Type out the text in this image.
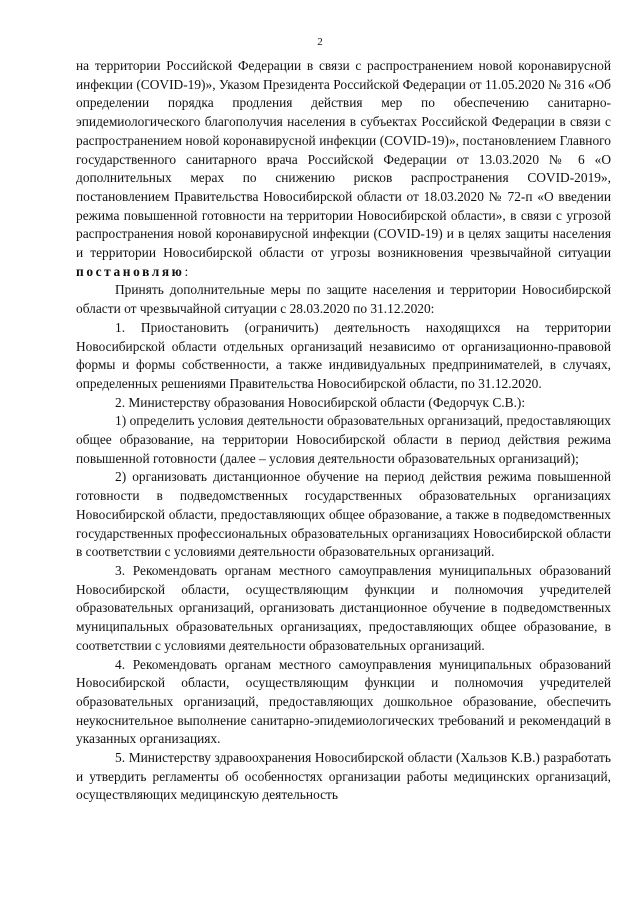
2

на территории Российской Федерации в связи с распространением новой коронавирусной инфекции (COVID-19)», Указом Президента Российской Федерации от 11.05.2020 № 316 «Об определении порядка продления действия мер по обеспечению санитарно-эпидемиологического благополучия населения в субъектах Российской Федерации в связи с распространением новой коронавирусной инфекции (COVID-19)», постановлением Главного государственного санитарного врача Российской Федерации от 13.03.2020 № 6 «О дополнительных мерах по снижению рисков распространения COVID-2019», постановлением Правительства Новосибирской области от 18.03.2020 № 72-п «О введении режима повышенной готовности на территории Новосибирской области», в связи с угрозой распространения новой коронавирусной инфекции (COVID-19) и в целях защиты населения и территории Новосибирской области от угрозы возникновения чрезвычайной ситуации постановляю:

Принять дополнительные меры по защите населения и территории Новосибирской области от чрезвычайной ситуации с 28.03.2020 по 31.12.2020:

1. Приостановить (ограничить) деятельность находящихся на территории Новосибирской области отдельных организаций независимо от организационно-правовой формы и формы собственности, а также индивидуальных предпринимателей, в случаях, определенных решениями Правительства Новосибирской области, по 31.12.2020.

2. Министерству образования Новосибирской области (Федорчук С.В.):

1) определить условия деятельности образовательных организаций, предоставляющих общее образование, на территории Новосибирской области в период действия режима повышенной готовности (далее – условия деятельности образовательных организаций);

2) организовать дистанционное обучение на период действия режима повышенной готовности в подведомственных государственных образовательных организациях Новосибирской области, предоставляющих общее образование, а также в подведомственных государственных профессиональных образовательных организациях Новосибирской области в соответствии с условиями деятельности образовательных организаций.

3. Рекомендовать органам местного самоуправления муниципальных образований Новосибирской области, осуществляющим функции и полномочия учредителей образовательных организаций, организовать дистанционное обучение в подведомственных муниципальных образовательных организациях, предоставляющих общее образование, в соответствии с условиями деятельности образовательных организаций.

4. Рекомендовать органам местного самоуправления муниципальных образований Новосибирской области, осуществляющим функции и полномочия учредителей образовательных организаций, предоставляющих дошкольное образование, обеспечить неукоснительное выполнение санитарно-эпидемиологических требований и рекомендаций в указанных организациях.

5. Министерству здравоохранения Новосибирской области (Хальзов К.В.) разработать и утвердить регламенты об особенностях организации работы медицинских организаций, осуществляющих медицинскую деятельность
